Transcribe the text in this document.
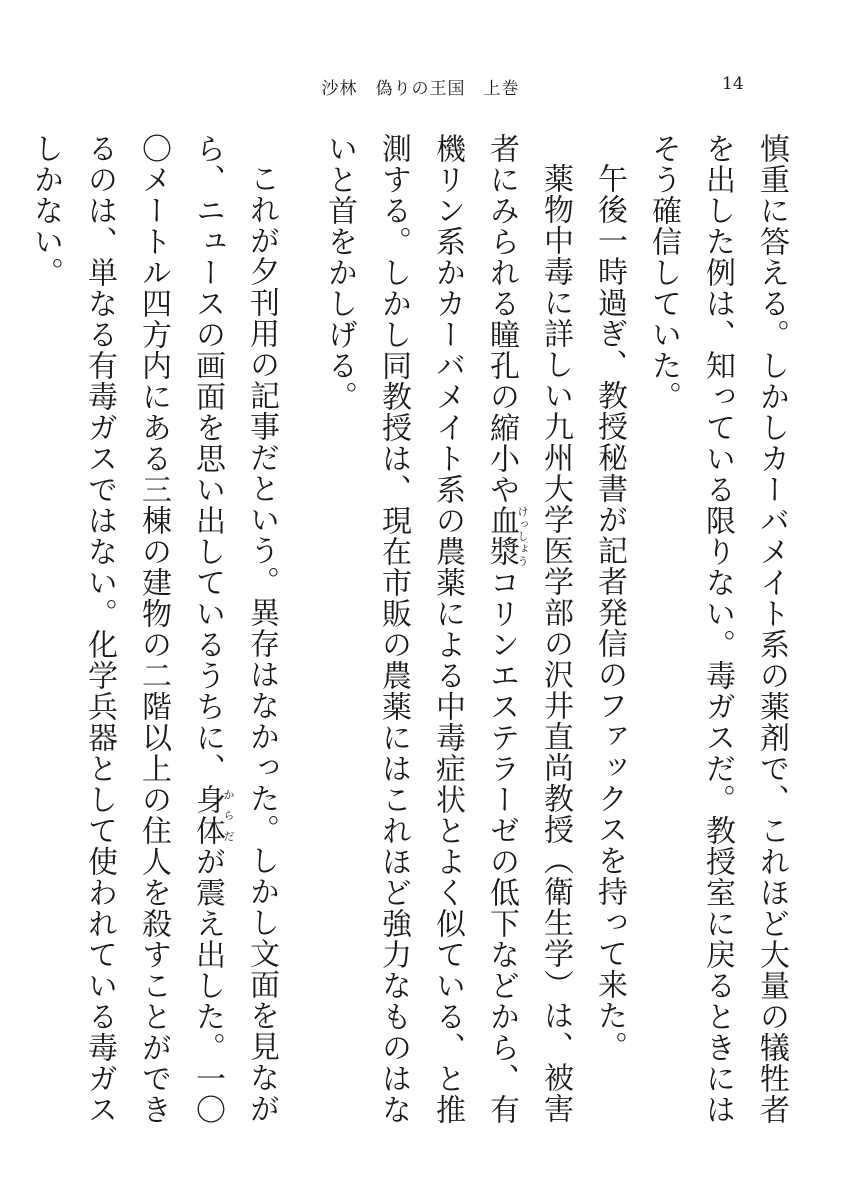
沙林　偽りの王国　上巻	14

慎重に答える。しかしカーバメイト系の薬剤で、これほど大量の犠牲者を出した例は、知っている限りない。毒ガスだ。教授室に戻るときにはそう確信していた。

午後一時過ぎ、教授秘書が記者発信のファックスを持って来た。

薬物中毒に詳しい九州大学医学部の沢井直尚教授（衛生学）は、被害者にみられる瞳孔の縮小や血漿けっしょうコリンエステラーゼの低下などから、有機リン系かカーバメイト系の農薬による中毒症状とよく似ている、と推測する。しかし同教授は、現在市販の農薬にはこれほど強力なものはないと首をかしげる。

これが夕刊用の記事だという。異存はなかった。しかし文面を見ながら、ニュースの画面を思い出しているうちに、身体からだが震え出した。一〇〇メートル四方内にある三棟の建物の二階以上の住人を殺すことができるのは、単なる有毒ガスではない。化学兵器として使われている毒ガスしかない。
